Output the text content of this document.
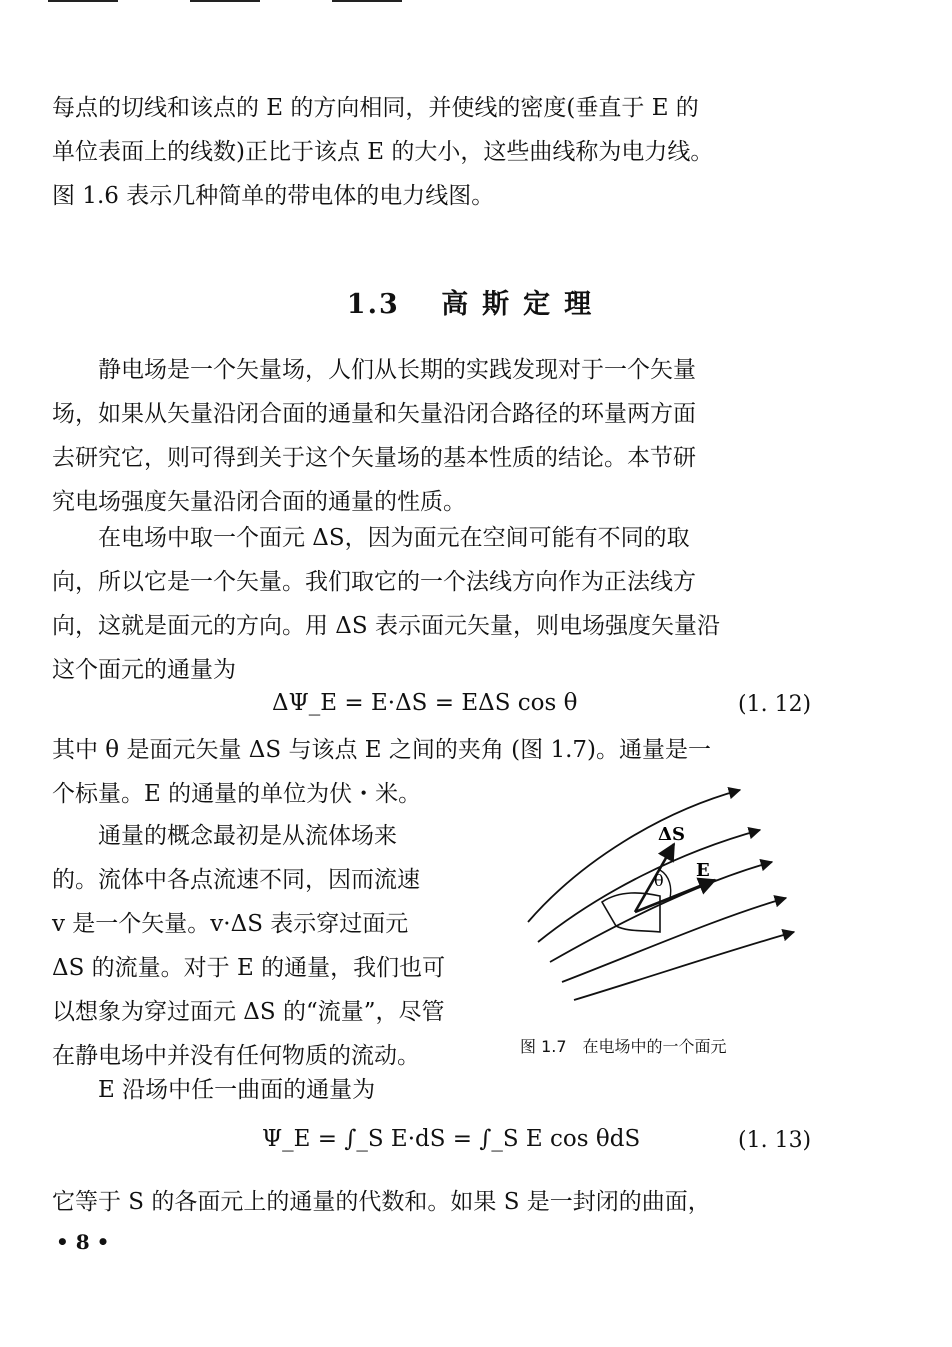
每点的切线和该点的 E 的方向相同，并使线的密度(垂直于 E 的
单位表面上的线数)正比于该点 E 的大小，这些曲线称为电力线。
图 1.6 表示几种简单的带电体的电力线图。
1.3 高斯定理
　　静电场是一个矢量场，人们从长期的实践发现对于一个矢量
场，如果从矢量沿闭合面的通量和矢量沿闭合路径的环量两方面
去研究它，则可得到关于这个矢量场的基本性质的结论。本节研
究电场强度矢量沿闭合面的通量的性质。
　　在电场中取一个面元 ΔS，因为面元在空间可能有不同的取
向，所以它是一个矢量。我们取它的一个法线方向作为正法线方
向，这就是面元的方向。用 ΔS 表示面元矢量，则电场强度矢量沿
这个面元的通量为
ΔΨ_E = E·ΔS = EΔS cos θ	(1. 12)
其中 θ 是面元矢量 ΔS 与该点 E 之间的夹角 (图 1.7)。通量是一
个标量。E 的通量的单位为伏・米。
　　通量的概念最初是从流体场来
的。流体中各点流速不同，因而流速
v 是一个矢量。v·ΔS 表示穿过面元
ΔS 的流量。对于 E 的通量，我们也可
以想象为穿过面元 ΔS 的“流量”，尽管
在静电场中并没有任何物质的流动。
ΔS
E
θ
图 1.7　在电场中的一个面元
　　E 沿场中任一曲面的通量为
Ψ_E = ∫_S E·dS = ∫_S E cos θdS	(1. 13)
它等于 S 的各面元上的通量的代数和。如果 S 是一封闭的曲面，
• 8 •
